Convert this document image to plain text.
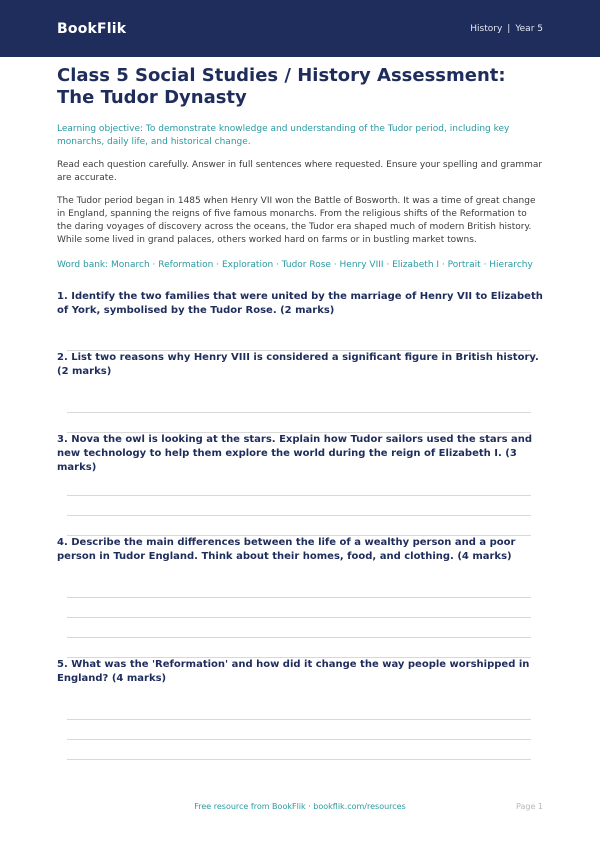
BookFlik	History | Year 5
Class 5 Social Studies / History Assessment: The Tudor Dynasty

Learning objective: To demonstrate knowledge and understanding of the Tudor period, including key monarchs, daily life, and historical change.

Read each question carefully. Answer in full sentences where requested. Ensure your spelling and grammar are accurate.

The Tudor period began in 1485 when Henry VII won the Battle of Bosworth. It was a time of great change in England, spanning the reigns of five famous monarchs. From the religious shifts of the Reformation to the daring voyages of discovery across the oceans, the Tudor era shaped much of modern British history. While some lived in grand palaces, others worked hard on farms or in bustling market towns.

Word bank: Monarch · Reformation · Exploration · Tudor Rose · Henry VIII · Elizabeth I · Portrait · Hierarchy

1. Identify the two families that were united by the marriage of Henry VII to Elizabeth of York, symbolised by the Tudor Rose. (2 marks)
2. List two reasons why Henry VIII is considered a significant figure in British history. (2 marks)
3. Nova the owl is looking at the stars. Explain how Tudor sailors used the stars and new technology to help them explore the world during the reign of Elizabeth I. (3 marks)
4. Describe the main differences between the life of a wealthy person and a poor person in Tudor England. Think about their homes, food, and clothing. (4 marks)
5. What was the 'Reformation' and how did it change the way people worshipped in England? (4 marks)
Free resource from BookFlik · bookflik.com/resources	Page 1
